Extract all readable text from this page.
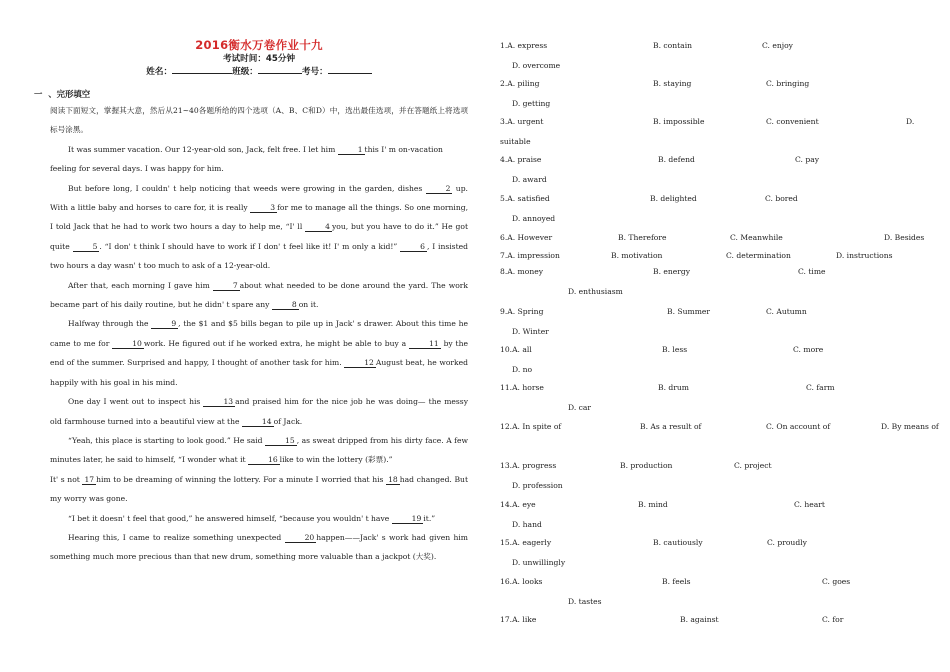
2016衡水万卷作业十九
考试时间：45分钟
姓名：	班级：	考号：
一 、完形填空

阅读下面短文，掌握其大意，然后从21~40各题所给的四个选项（A、B、C和D）中，选出最佳选项，并在答题纸上将选项标号涂黑。

It was summer vacation. Our 12-year-old son, Jack, felt free. I let him	1 this I' m on-vacation

feeling for several days. I was happy for him.

But before long, I couldn' t help noticing that weeds were growing in the garden, dishes	2 up. With a little baby and horses to care for, it is really	3 for me to manage all the things. So one morning, I told Jack that he had to work two hours a day to help me, “I' ll	4 you, but you have to do it.” He got quite	5 . “I don' t think I should have to work if I don' t feel like it! I' m only a kid!”	6 , I insisted two hours a day wasn' t too much to ask of a 12-year-old.

After that, each morning I gave him	7 about what needed to be done around the yard. The work became part of his daily routine, but he didn' t spare any	8 on it.

Halfway through the	9 , the $1 and $5 bills began to pile up in Jack' s drawer. About this time he came to me for	10 work. He figured out if he worked extra, he might be able to buy a	11 by the end of the summer. Surprised and happy, I thought of another task for him.	12 August beat, he worked happily with his goal in his mind.

One day I went out to inspect his	13 and praised him for the nice job he was doing— the messy old farmhouse turned into a beautiful view at the	14 of Jack.

“Yeah, this place is starting to look good.” He said	15 , as sweat dripped from his dirty face. A few minutes later, he said to himself, “I wonder what it	16 like to win the lottery (彩票).”

It' s not 17 him to be dreaming of winning the lottery. For a minute I worried that his 18 had changed. But my worry was gone.

“I bet it doesn' t feel that good,” he answered himself, “because you wouldn' t have	19 it.”

Hearing this, I came to realize something unexpected	20 happen——Jack' s work had given him something much more precious than that new drum, something more valuable than a jackpot (大奖).

1.A. express	B. contain	C. enjoy
D. overcome
2.A. piling	B. staying	C. bringing
D. getting
3.A. urgent	B. impossible	C. convenient	D.
suitable
4.A. praise	B. defend	C. pay
D. award
5.A. satisfied	B. delighted	C. bored
D. annoyed
6.A. However	B. Therefore	C. Meanwhile	D. Besides
7.A. impression	B. motivation	C. determination	D. instructions
8.A. money	B. energy	C. time
D. enthusiasm
9.A. Spring	B. Summer	C. Autumn
D. Winter
10.A. all	B. less	C. more
D. no
11.A. horse	B. drum	C. farm
D. car
12.A. In spite of	B. As a result of	C. On account of	D. By means of
13.A. progress	B. production	C. project
D. profession
14.A. eye	B. mind	C. heart
D. hand
15.A. eagerly	B. cautiously	C. proudly
D. unwillingly
16.A. looks	B. feels	C. goes
D. tastes
17.A. like	B. against	C. for
